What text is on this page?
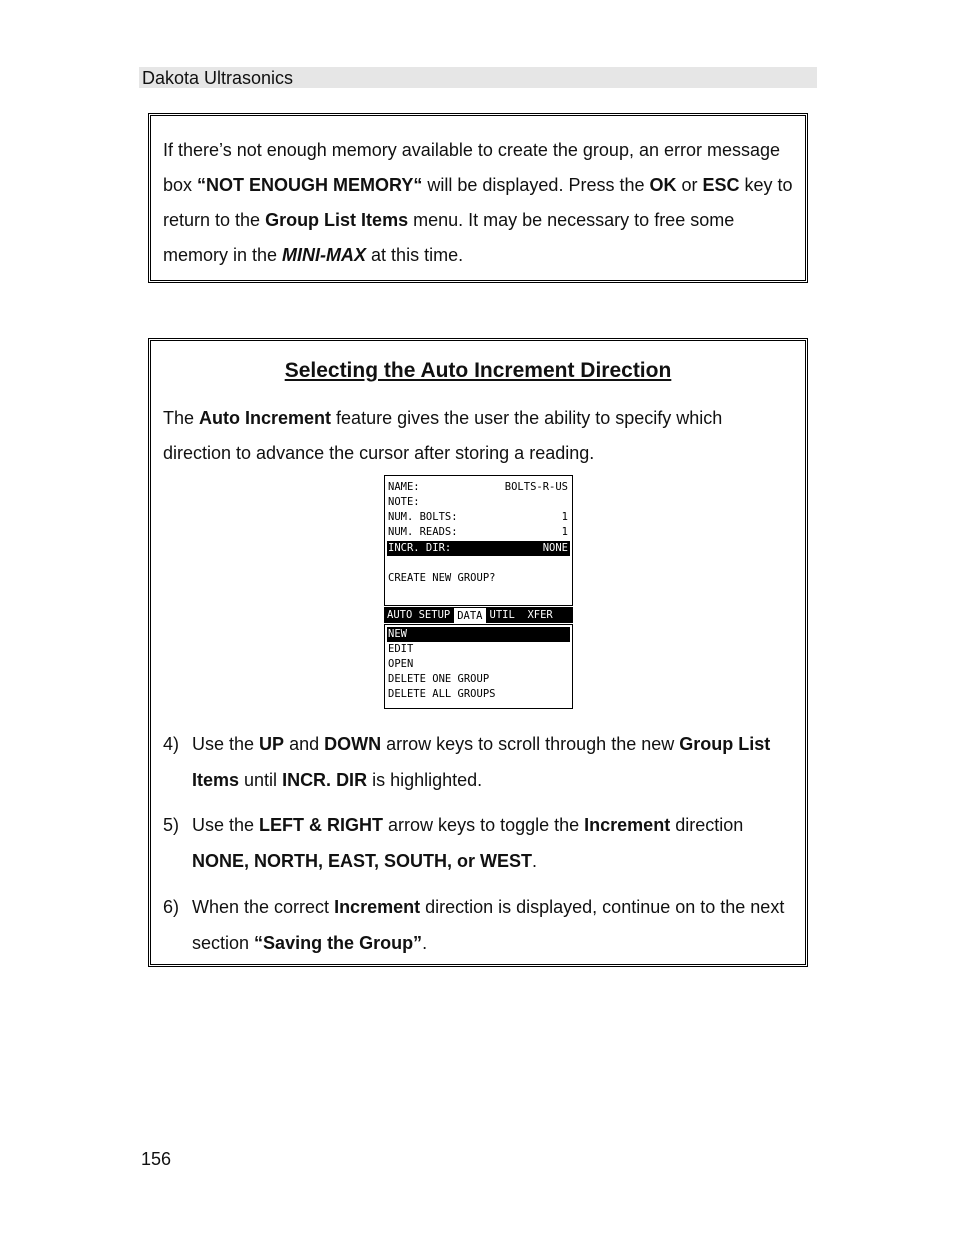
Dakota Ultrasonics
If there’s not enough memory available to create the group, an error message box “NOT ENOUGH MEMORY“ will be displayed. Press the OK or ESC key to return to the Group List Items menu. It may be necessary to free some memory in the MINI-MAX at this time.
Selecting the Auto Increment Direction
The Auto Increment feature gives the user the ability to specify which direction to advance the cursor after storing a reading.
NAME:	BOLTS-R-US
NOTE:
NUM. BOLTS:	1
NUM. READS:	1
INCR. DIR:	NONE
CREATE NEW GROUP?
AUTO SETUP DATA UTIL XFER
NEW
EDIT
OPEN
DELETE ONE GROUP
DELETE ALL GROUPS
4) Use the UP and DOWN arrow keys to scroll through the new Group List Items until INCR. DIR is highlighted.
5) Use the LEFT & RIGHT arrow keys to toggle the Increment direction
NONE, NORTH, EAST, SOUTH, or WEST.
6) When the correct Increment direction is displayed, continue on to the next section “Saving the Group”.
156
